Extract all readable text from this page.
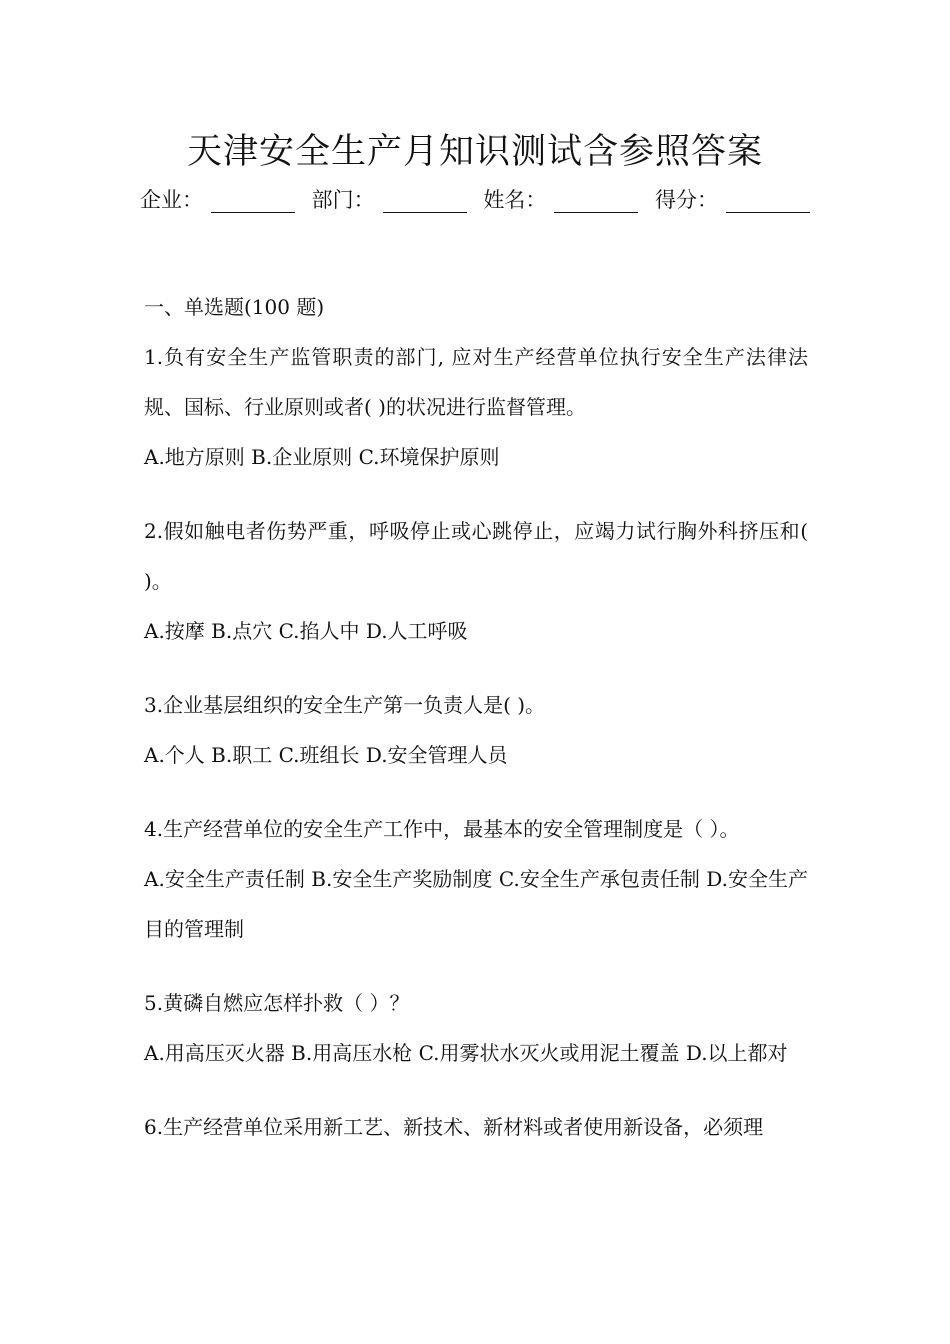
天津安全生产月知识测试含参照答案
企业：	部门：	姓名：	得分：

一、单选题(100 题)

1.负有安全生产监管职责的部门, 应对生产经营单位执行安全生产法律法规、国标、行业原则或者( )的状况进行监督管理。

A.地方原则 B.企业原则 C.环境保护原则

2.假如触电者伤势严重，呼吸停止或心跳停止，应竭力试行胸外科挤压和( )。

A.按摩 B.点穴 C.掐人中 D.人工呼吸

3.企业基层组织的安全生产第一负责人是( )。

A.个人 B.职工 C.班组长 D.安全管理人员

4.生产经营单位的安全生产工作中，最基本的安全管理制度是（ ）。

A.安全生产责任制 B.安全生产奖励制度 C.安全生产承包责任制 D.安全生产目的管理制

5.黄磷自燃应怎样扑救（ ）？

A.用高压灭火器 B.用高压水枪 C.用雾状水灭火或用泥土覆盖 D.以上都对

6.生产经营单位采用新工艺、新技术、新材料或者使用新设备，必须理
